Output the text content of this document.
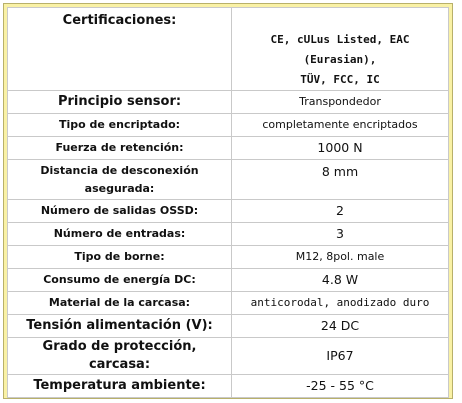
Certificaciones:	CE, cULus Listed, EAC (Eurasian),
TÜV, FCC, IC

Principio sensor:	Transpondedor
Tipo de encriptado:	completamente encriptados
Fuerza de retención:	1000 N

Distancia de desconexión
asegurada:	8 mm
Número de salidas OSSD:	2
Número de entradas:	3
Tipo de borne:	M12, 8pol. male
Consumo de energía DC:	4.8 W
Material de la carcasa:	anticorodal, anodizado duro
Tensión alimentación (V):	24 DC
Grado de protección, carcasa:	IP67
Temperatura ambiente:	-25 - 55 °C
